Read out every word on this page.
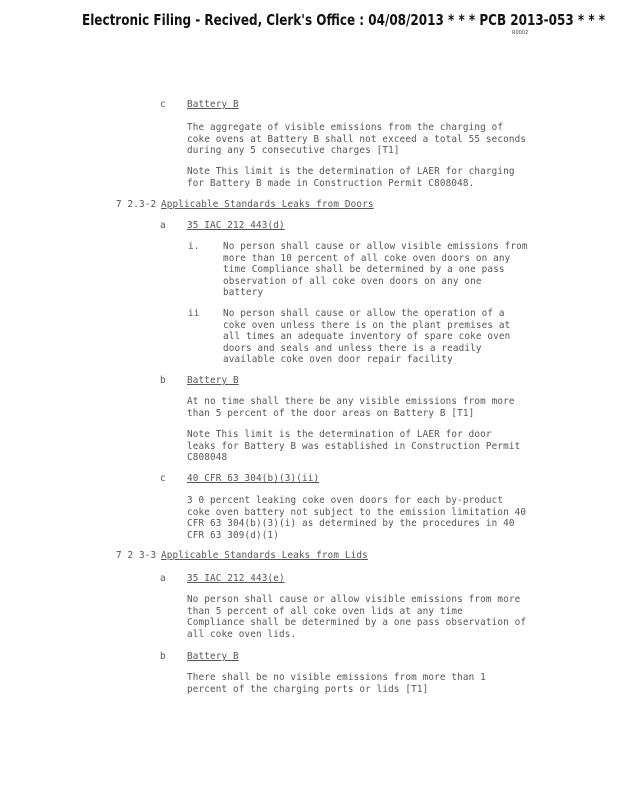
Electronic Filing - Recived, Clerk's Office : 04/08/2013 * * * PCB 2013-053 * * *
R0002
c Battery B
The aggregate of visible emissions from the charging of
coke ovens at Battery B shall not exceed a total 55 seconds
during any 5 consecutive charges [T1]
Note This limit is the determination of LAER for charging
for Battery B made in Construction Permit C808048.
7 2.3-2 Applicable Standards Leaks from Doors
a 35 IAC 212 443(d)
i.	No person shall cause or allow visible emissions from
more than 10 percent of all coke oven doors on any
time Compliance shall be determined by a one pass
observation of all coke oven doors on any one
battery
ii	No person shall cause or allow the operation of a
coke oven unless there is on the plant premises at
all times an adequate inventory of spare coke oven
doors and seals and unless there is a readily
available coke oven door repair facility
b Battery B
At no time shall there be any visible emissions from more
than 5 percent of the door areas on Battery B [T1]
Note This limit is the determination of LAER for door
leaks for Battery B was established in Construction Permit
C808048
c 40 CFR 63 304(b)(3)(ii)
3 0 percent leaking coke oven doors for each by-product
coke oven battery not subject to the emission limitation 40
CFR 63 304(b)(3)(i) as determined by the procedures in 40
CFR 63 309(d)(1)
7 2 3-3 Applicable Standards Leaks from Lids
a 35 IAC 212 443(e)
No person shall cause or allow visible emissions from more
than 5 percent of all coke oven lids at any time
Compliance shall be determined by a one pass observation of
all coke oven lids.
b Battery B
There shall be no visible emissions from more than 1
percent of the charging ports or lids [T1]
